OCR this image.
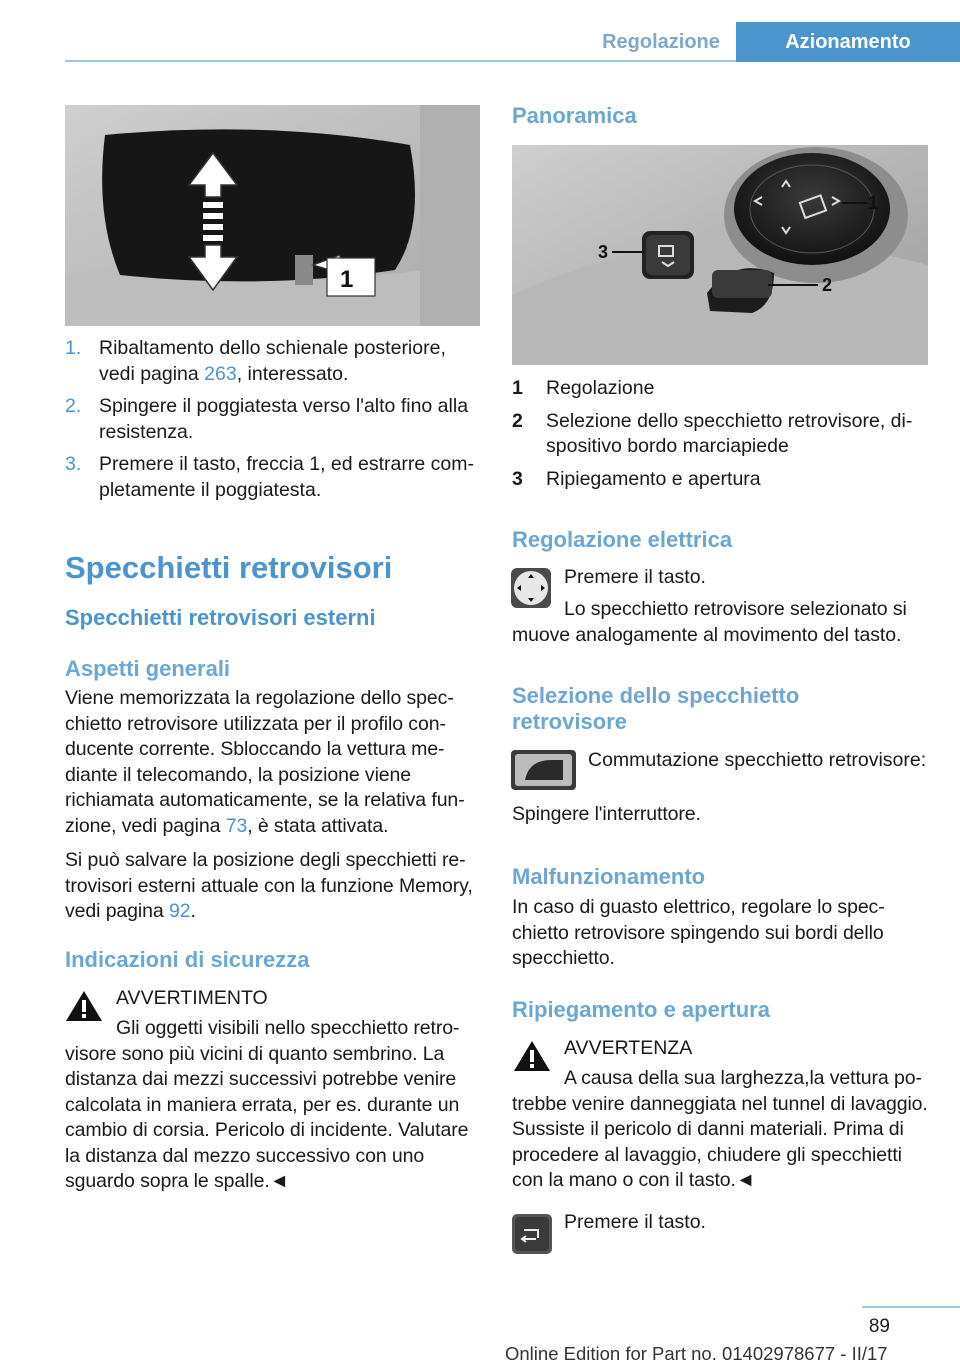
Regolazione	Azionamento
1
1. Ribaltamento dello schienale posteriore, vedi pagina 263, interessato.
2. Spingere il poggiatesta verso l'alto fino alla resistenza.
3. Premere il tasto, freccia 1, ed estrarre completamente il poggiatesta.
Specchietti retrovisori
Specchietti retrovisori esterni
Aspetti generali

Viene memorizzata la regolazione dello specchietto retrovisore utilizzata per il profilo conducente corrente. Sbloccando la vettura mediante il telecomando, la posizione viene richiamata automaticamente, se la relativa funzione, vedi pagina 73, è stata attivata.

Si può salvare la posizione degli specchietti retrovisori esterni attuale con la funzione Memory, vedi pagina 92.

Indicazioni di sicurezza
AVVERTIMENTO

Gli oggetti visibili nello specchietto retrovisore sono più vicini di quanto sembrino. La distanza dai mezzi successivi potrebbe venire calcolata in maniera errata, per es. durante un cambio di corsia. Pericolo di incidente. Valutare la distanza dal mezzo successivo con uno sguardo sopra le spalle.◄

Panoramica
1
2
3
1 Regolazione
2 Selezione dello specchietto retrovisore, dispositivo bordo marciapiede
3 Ripiegamento e apertura
Regolazione elettrica
Premere il tasto.

Lo specchietto retrovisore selezionato si muove analogamente al movimento del tasto.

Selezione dello specchietto retrovisore
Commutazione specchietto retrovisore:

Spingere l'interruttore.

Malfunzionamento

In caso di guasto elettrico, regolare lo specchietto retrovisore spingendo sui bordi dello specchietto.

Ripiegamento e apertura
AVVERTENZA

A causa della sua larghezza,la vettura potrebbe venire danneggiata nel tunnel di lavaggio. Sussiste il pericolo di danni materiali. Prima di procedere al lavaggio, chiudere gli specchietti con la mano o con il tasto.◄

Premere il tasto.
89
Online Edition for Part no. 01402978677 - II/17
